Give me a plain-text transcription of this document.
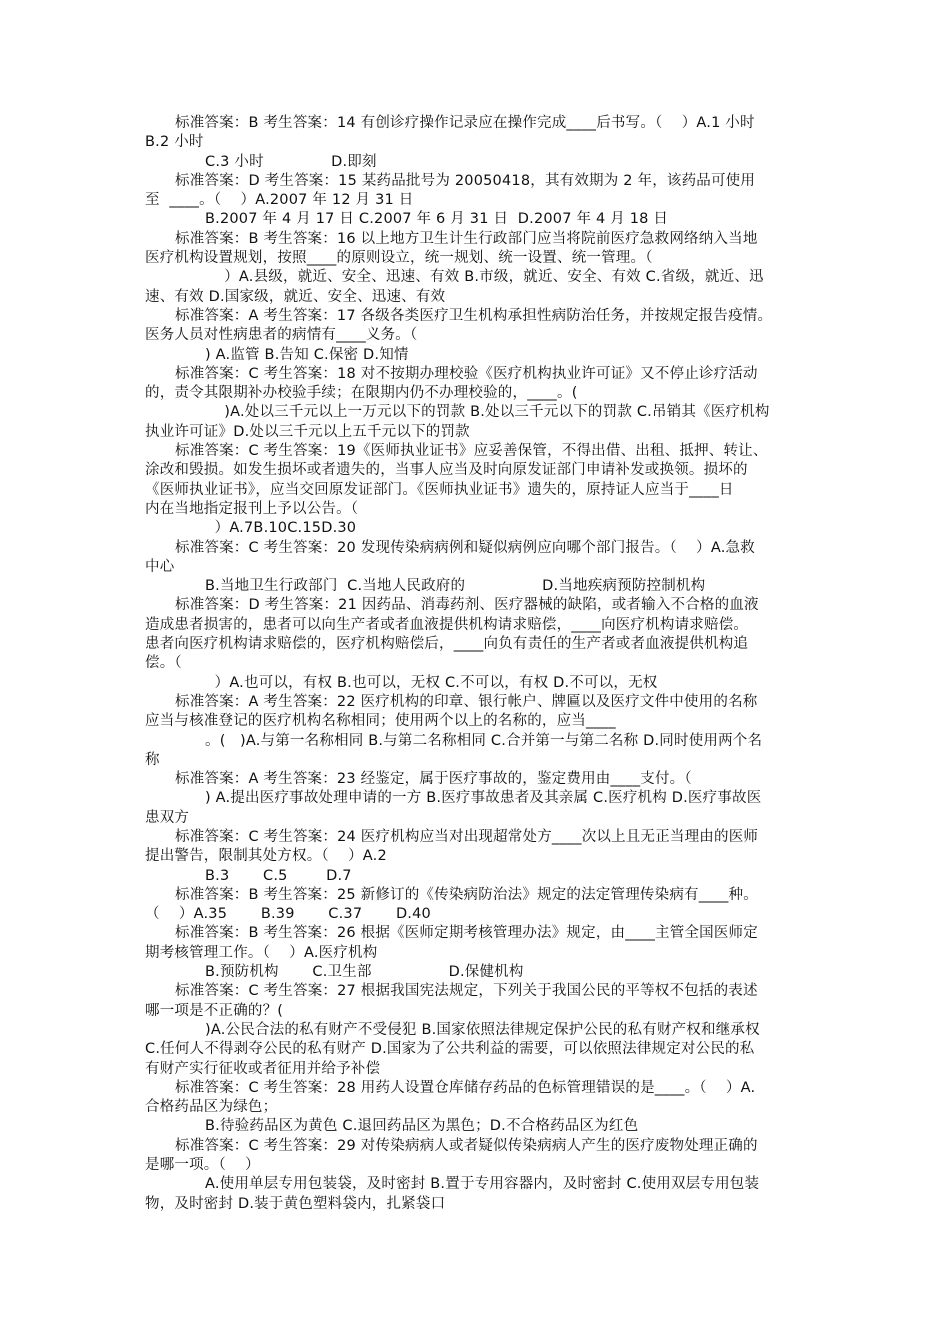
标准答案：B 考生答案：14 有创诊疗操作记录应在操作完成____后书写。（    ）A.1 小时
B.2 小时
C.3 小时              D.即刻
标准答案：D 考生答案：15 某药品批号为 20050418，其有效期为 2 年，该药品可使用
至  ____。（    ）A.2007 年 12 月 31 日
B.2007 年 4 月 17 日 C.2007 年 6 月 31 日  D.2007 年 4 月 18 日
标准答案：B 考生答案：16 以上地方卫生计生行政部门应当将院前医疗急救网络纳入当地
医疗机构设置规划，按照____的原则设立，统一规划、统一设置、统一管理。（
）A.县级，就近、安全、迅速、有效 B.市级，就近、安全、有效 C.省级，就近、迅
速、有效 D.国家级，就近、安全、迅速、有效
标准答案：A 考生答案：17 各级各类医疗卫生机构承担性病防治任务，并按规定报告疫情。
医务人员对性病患者的病情有____义务。（
) A.监管 B.告知 C.保密 D.知情
标准答案：C 考生答案：18 对不按期办理校验《医疗机构执业许可证》又不停止诊疗活动
的，责令其限期补办校验手续；在限期内仍不办理校验的，____。(
)A.处以三千元以上一万元以下的罚款 B.处以三千元以下的罚款 C.吊销其《医疗机构
执业许可证》D.处以三千元以上五千元以下的罚款
标准答案：C 考生答案：19《医师执业证书》应妥善保管，不得出借、出租、抵押、转让、
涂改和毁损。如发生损坏或者遗失的，当事人应当及时向原发证部门申请补发或换领。损坏的
《医师执业证书》，应当交回原发证部门。《医师执业证书》遗失的，原持证人应当于____日
内在当地指定报刊上予以公告。（
）A.7B.10C.15D.30
标准答案：C 考生答案：20 发现传染病病例和疑似病例应向哪个部门报告。（    ）A.急救
中心
B.当地卫生行政部门  C.当地人民政府的                D.当地疾病预防控制机构
标准答案：D 考生答案：21 因药品、消毒药剂、医疗器械的缺陷，或者输入不合格的血液
造成患者损害的，患者可以向生产者或者血液提供机构请求赔偿，____向医疗机构请求赔偿。
患者向医疗机构请求赔偿的，医疗机构赔偿后，____向负有责任的生产者或者血液提供机构追
偿。（
）A.也可以，有权 B.也可以，无权 C.不可以，有权 D.不可以，无权
标准答案：A 考生答案：22 医疗机构的印章、银行帐户、牌匾以及医疗文件中使用的名称
应当与核准登记的医疗机构名称相同；使用两个以上的名称的，应当____
。(   )A.与第一名称相同 B.与第二名称相同 C.合并第一与第二名称 D.同时使用两个名
称
标准答案：A 考生答案：23 经鉴定，属于医疗事故的，鉴定费用由____支付。（
) A.提出医疗事故处理申请的一方 B.医疗事故患者及其亲属 C.医疗机构 D.医疗事故医
患双方
标准答案：C 考生答案：24 医疗机构应当对出现超常处方____次以上且无正当理由的医师
提出警告，限制其处方权。（    ）A.2
B.3       C.5        D.7
标准答案：B 考生答案：25 新修订的《传染病防治法》规定的法定管理传染病有____种。
（    ）A.35       B.39       C.37       D.40
标准答案：B 考生答案：26 根据《医师定期考核管理办法》规定，由____主管全国医师定
期考核管理工作。（    ）A.医疗机构
B.预防机构       C.卫生部                D.保健机构
标准答案：C 考生答案：27 根据我国宪法规定，下列关于我国公民的平等权不包括的表述
哪一项是不正确的？(
)A.公民合法的私有财产不受侵犯 B.国家依照法律规定保护公民的私有财产权和继承权
C.任何人不得剥夺公民的私有财产 D.国家为了公共利益的需要，可以依照法律规定对公民的私
有财产实行征收或者征用并给予补偿
标准答案：C 考生答案：28 用药人设置仓库储存药品的色标管理错误的是____。（    ）A.
合格药品区为绿色；
B.待验药品区为黄色 C.退回药品区为黑色；D.不合格药品区为红色
标准答案：C 考生答案：29 对传染病病人或者疑似传染病病人产生的医疗废物处理正确的
是哪一项。（    ）
A.使用单层专用包装袋，及时密封 B.置于专用容器内，及时密封 C.使用双层专用包装
物，及时密封 D.装于黄色塑料袋内，扎紧袋口
